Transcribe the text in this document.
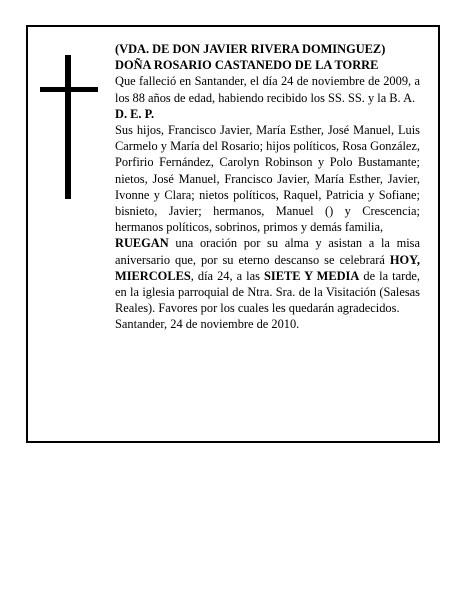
(VDA. DE DON JAVIER RIVERA DOMINGUEZ)

DOÑA ROSARIO CASTANEDO DE LA TORRE

Que falleció en Santander, el día 24 de noviembre de 2009, a los 88 años de edad, habiendo recibido los SS. SS. y la B. A.

D. E. P.

Sus hijos, Francisco Javier, María Esther, José Manuel, Luis Carmelo y María del Rosario; hijos políticos, Rosa González, Porfirio Fernández, Carolyn Robinson y Polo Bustamante; nietos, José Manuel, Francisco Javier, María Esther, Javier, Ivonne y Clara; nietos políticos, Raquel, Patricia y Sofiane; bisnieto, Javier; hermanos, Manuel () y Crescencia; hermanos políticos, sobrinos, primos y demás familia,

RUEGAN una oración por su alma y asistan a la misa aniversario que, por su eterno descanso se celebrará HOY, MIERCOLES, día 24, a las SIETE Y MEDIA de la tarde, en la iglesia parroquial de Ntra. Sra. de la Visitación (Salesas Reales). Favores por los cuales les quedarán agradecidos.

Santander, 24 de noviembre de 2010.
